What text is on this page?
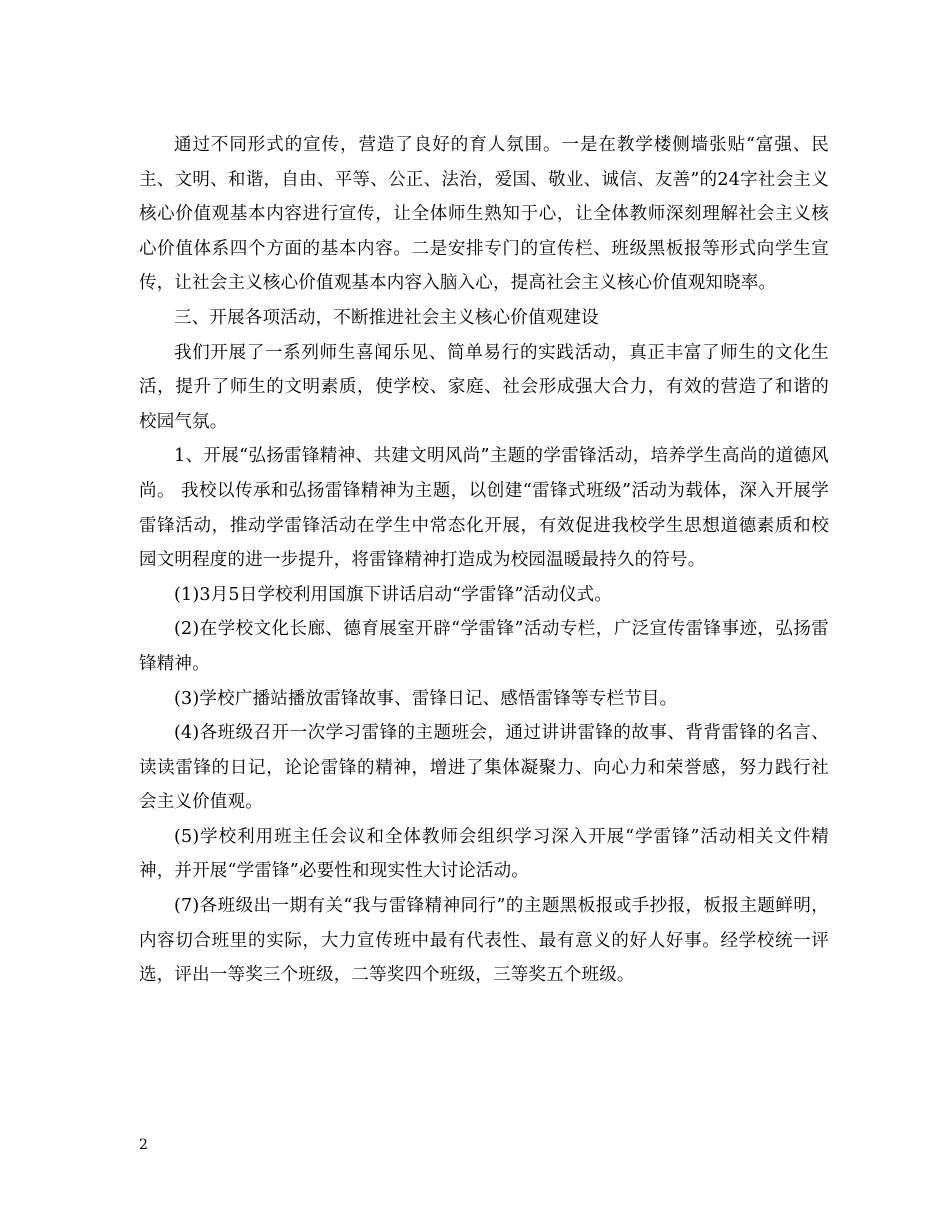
通过不同形式的宣传，营造了良好的育人氛围。一是在教学楼侧墙张贴“富强、民主、文明、和谐，自由、平等、公正、法治，爱国、敬业、诚信、友善”的24字社会主义核心价值观基本内容进行宣传，让全体师生熟知于心，让全体教师深刻理解社会主义核心价值体系四个方面的基本内容。二是安排专门的宣传栏、班级黑板报等形式向学生宣传，让社会主义核心价值观基本内容入脑入心，提高社会主义核心价值观知晓率。

三、开展各项活动，不断推进社会主义核心价值观建设

我们开展了一系列师生喜闻乐见、简单易行的实践活动，真正丰富了师生的文化生活，提升了师生的文明素质，使学校、家庭、社会形成强大合力，有效的营造了和谐的校园气氛。

1、开展“弘扬雷锋精神、共建文明风尚”主题的学雷锋活动，培养学生高尚的道德风尚。 我校以传承和弘扬雷锋精神为主题，以创建“雷锋式班级”活动为载体，深入开展学雷锋活动，推动学雷锋活动在学生中常态化开展，有效促进我校学生思想道德素质和校园文明程度的进一步提升，将雷锋精神打造成为校园温暖最持久的符号。

(1)3月5日学校利用国旗下讲话启动“学雷锋”活动仪式。

(2)在学校文化长廊、德育展室开辟“学雷锋”活动专栏，广泛宣传雷锋事迹，弘扬雷锋精神。

(3)学校广播站播放雷锋故事、雷锋日记、感悟雷锋等专栏节目。

(4)各班级召开一次学习雷锋的主题班会，通过讲讲雷锋的故事、背背雷锋的名言、读读雷锋的日记，论论雷锋的精神，增进了集体凝聚力、向心力和荣誉感，努力践行社会主义价值观。

(5)学校利用班主任会议和全体教师会组织学习深入开展“学雷锋”活动相关文件精神，并开展“学雷锋”必要性和现实性大讨论活动。

(7)各班级出一期有关“我与雷锋精神同行”的主题黑板报或手抄报，板报主题鲜明，内容切合班里的实际，大力宣传班中最有代表性、最有意义的好人好事。经学校统一评选，评出一等奖三个班级，二等奖四个班级，三等奖五个班级。

2
